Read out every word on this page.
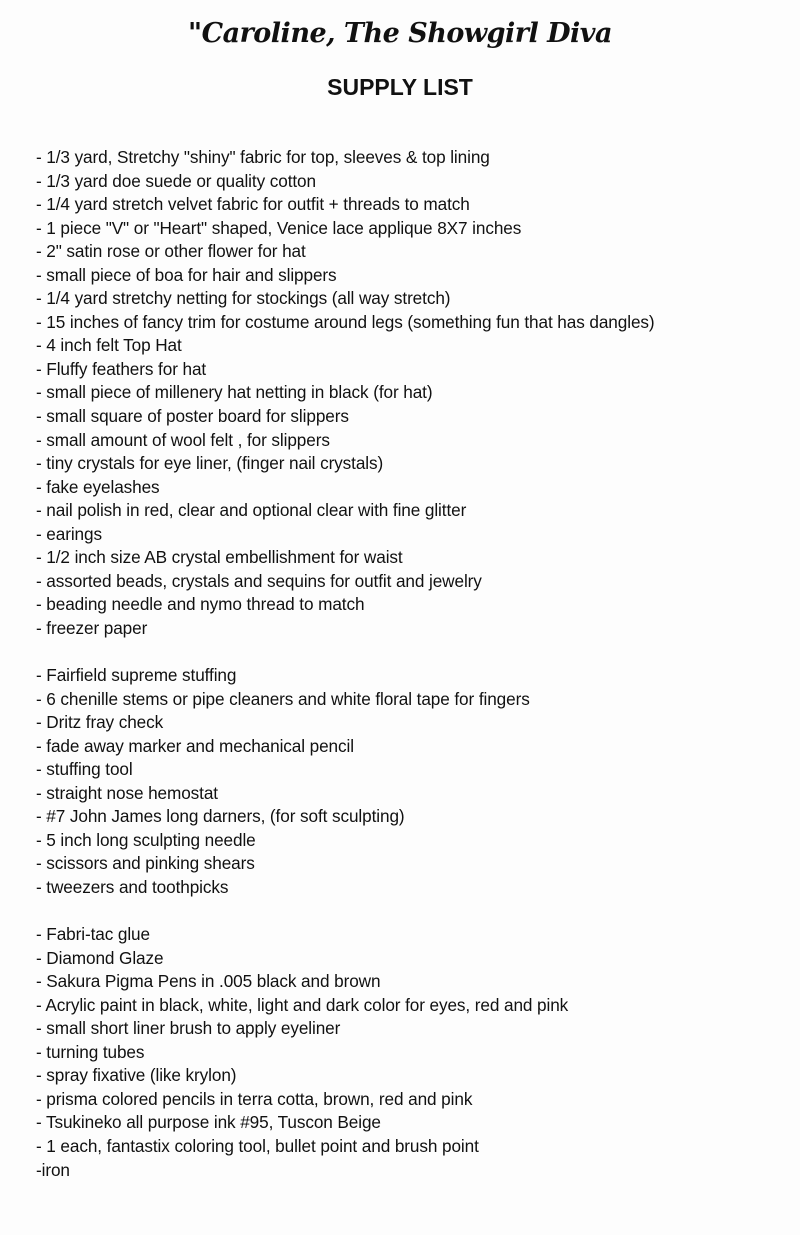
"Caroline, The Showgirl Diva
SUPPLY LIST
- 1/3 yard, Stretchy "shiny" fabric for top, sleeves & top lining
- 1/3 yard doe suede or quality cotton
- 1/4 yard stretch velvet fabric for outfit + threads to match
- 1 piece "V" or "Heart" shaped, Venice lace applique 8X7 inches
- 2" satin rose or other flower for hat
- small piece of boa for hair and slippers
- 1/4 yard stretchy netting for stockings (all way stretch)
- 15 inches of fancy trim for costume around legs (something fun that has dangles)
- 4 inch felt Top Hat
- Fluffy feathers for hat
- small piece of millenery hat netting in black (for hat)
- small square of poster board for slippers
- small amount of wool felt , for slippers
- tiny crystals for eye liner, (finger nail crystals)
- fake eyelashes
- nail polish in red, clear and optional clear with fine glitter
- earings
- 1/2 inch size AB crystal embellishment for waist
- assorted beads, crystals and sequins for outfit and jewelry
- beading needle and nymo thread to match
- freezer paper
- Fairfield supreme stuffing
- 6 chenille stems or pipe cleaners and white floral tape for fingers
- Dritz fray check
- fade away marker and mechanical pencil
- stuffing tool
- straight nose hemostat
- #7 John James long darners, (for soft sculpting)
- 5 inch long sculpting needle
- scissors and pinking shears
- tweezers and toothpicks
- Fabri-tac glue
- Diamond Glaze
- Sakura Pigma Pens in .005 black and brown
- Acrylic paint in black, white, light and dark color for eyes, red and pink
- small short liner brush to apply eyeliner
- turning tubes
- spray fixative (like krylon)
- prisma colored pencils in terra cotta, brown, red and pink
- Tsukineko all purpose ink #95, Tuscon Beige
- 1 each, fantastix coloring tool, bullet point and brush point
-iron
